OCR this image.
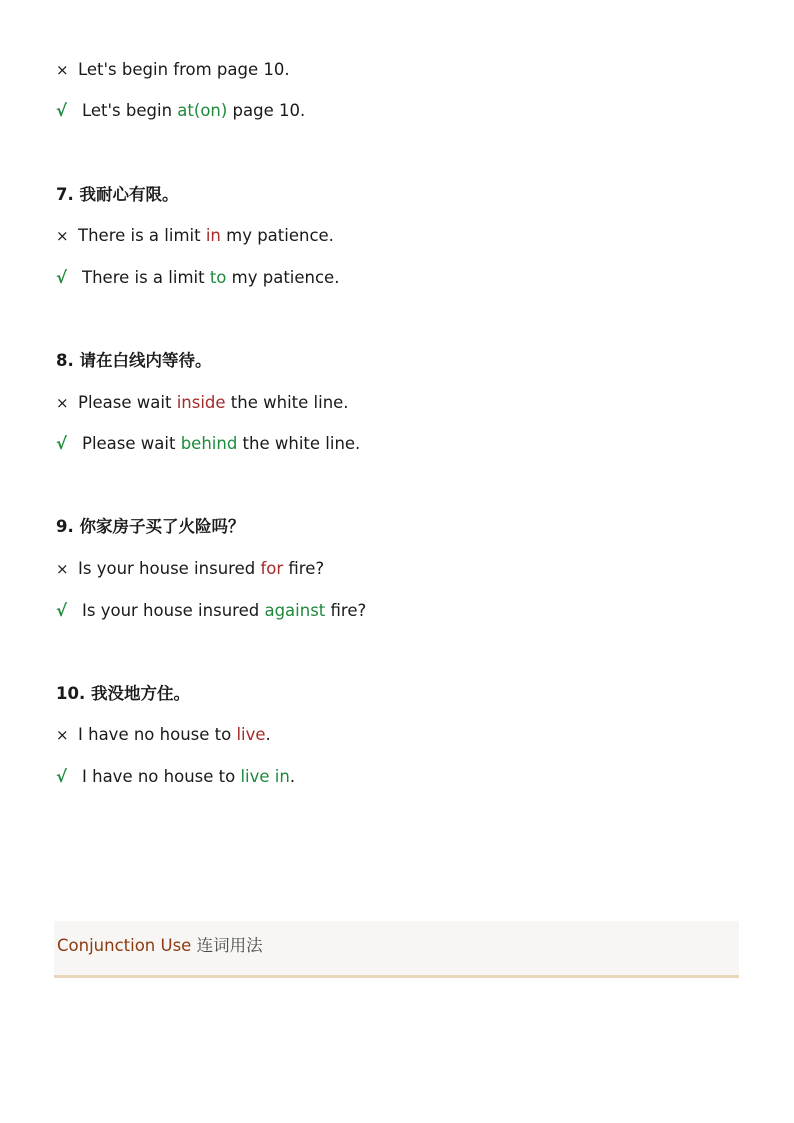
× Let's begin from page 10.
√ Let's begin at(on) page 10.
7. 我耐心有限。
× There is a limit in my patience.
√ There is a limit to my patience.
8. 请在白线内等待。
× Please wait inside the white line.
√ Please wait behind the white line.
9. 你家房子买了火险吗？
× Is your house insured for fire?
√ Is your house insured against fire?
10. 我没地方住。
× I have no house to live.
√ I have no house to live in.
Conjunction Use 连词用法
